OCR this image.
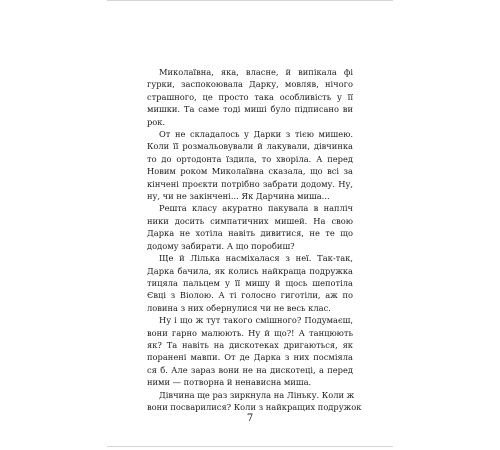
Миколаївна, яка, власне, й випікала фі
гурки, заспокоювала Дарку, мовляв, нічого
страшного, це просто така особливість у її
мишки. Та саме тоді миші було підписано ви
рок.
От не складалось у Дарки з тією мишею.
Коли її розмальовували й лакували, дівчинка
то до ортодонта їздила, то хворіла. А перед
Новим роком Миколаївна сказала, що всі за
кінчені проєкти потрібно забрати додому. Ну,
ну, чи не закінчені... Як Дарчина миша...
Решта класу акуратно пакувала в напліч
ники досить симпатичних мишей. На свою
Дарка не хотіла навіть дивитися, не те що
додому забирати. А що поробиш?
Ще й Лілька насміхалася з неї. Так-так,
Дарка бачила, як колись найкраща подружка
тицяла пальцем у її мишу й щось шепотіла
Євці з Віолою. А ті голосно гиготіли, аж по
ловина з них обернулися чи не весь клас.
Ну і що ж тут такого смішного? Подумаєш,
вони гарно малюють. Ну й що?! А танцюють
як? Та навіть на дискотеках дригаються, як
поранені мавпи. От де Дарка з них посміяла
ся б. Але зараз вони не на дискотеці, а перед
ними — потворна й ненависна миша.
Дівчина ще раз зиркнула на Ліньку. Коли ж
вони посварилися? Коли з найкращих подружок
7
